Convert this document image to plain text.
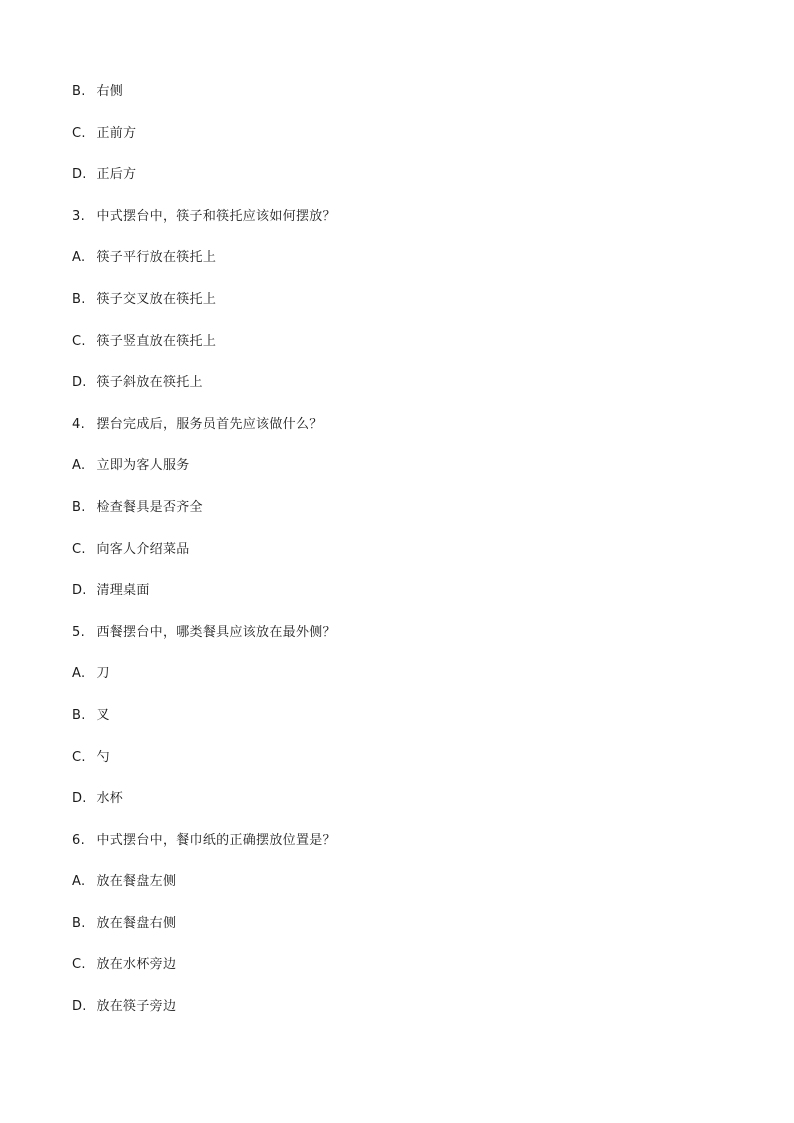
B. 右侧
C. 正前方
D. 正后方
3. 中式摆台中，筷子和筷托应该如何摆放？
A. 筷子平行放在筷托上
B. 筷子交叉放在筷托上
C. 筷子竖直放在筷托上
D. 筷子斜放在筷托上
4. 摆台完成后，服务员首先应该做什么？
A. 立即为客人服务
B. 检查餐具是否齐全
C. 向客人介绍菜品
D. 清理桌面
5. 西餐摆台中，哪类餐具应该放在最外侧？
A. 刀
B. 叉
C. 勺
D. 水杯
6. 中式摆台中，餐巾纸的正确摆放位置是？
A. 放在餐盘左侧
B. 放在餐盘右侧
C. 放在水杯旁边
D. 放在筷子旁边
